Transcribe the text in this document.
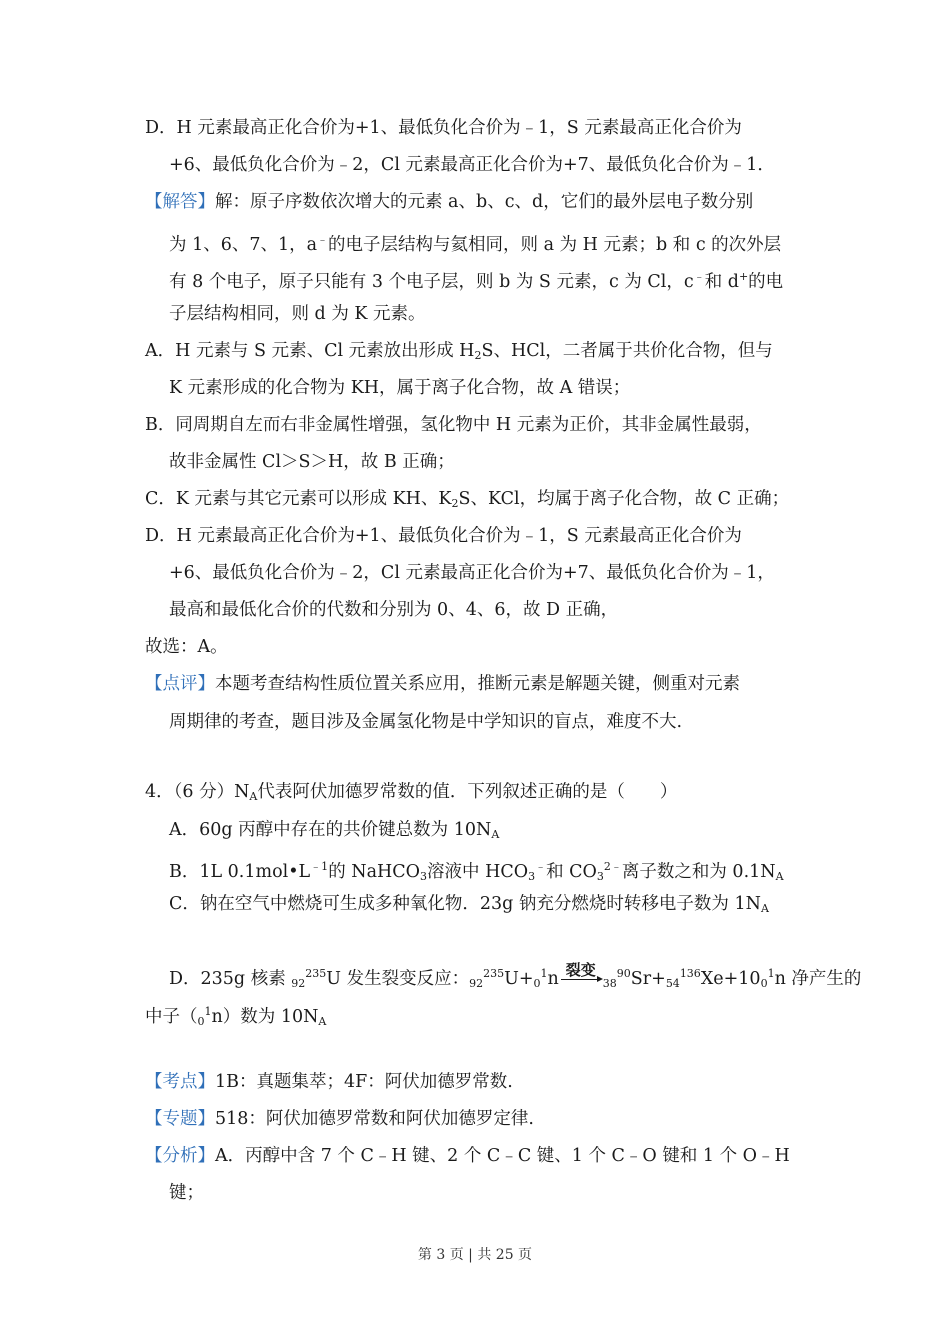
D．H 元素最高正化合价为+1、最低负化合价为﹣1，S 元素最高正化合价为
+6、最低负化合价为﹣2，Cl 元素最高正化合价为+7、最低负化合价为﹣1．
【解答】解：原子序数依次增大的元素 a、b、c、d，它们的最外层电子数分别
为 1、6、7、1，a﹣的电子层结构与氦相同，则 a 为 H 元素；b 和 c 的次外层
有 8 个电子，原子只能有 3 个电子层，则 b 为 S 元素，c 为 Cl，c﹣和 d+的电
子层结构相同，则 d 为 K 元素。
A．H 元素与 S 元素、Cl 元素放出形成 $H_2S$、HCl，二者属于共价化合物，但与
K 元素形成的化合物为 KH，属于离子化合物，故 A 错误；
B．同周期自左而右非金属性增强，氢化物中 H 元素为正价，其非金属性最弱，
故非金属性 Cl＞S＞H，故 B 正确；
C．K 元素与其它元素可以形成 KH、$K_2S$、KCl，均属于离子化合物，故 C 正确；
D．H 元素最高正化合价为+1、最低负化合价为﹣1，S 元素最高正化合价为
+6、最低负化合价为﹣2，Cl 元素最高正化合价为+7、最低负化合价为﹣1，
最高和最低化合价的代数和分别为 0、4、6，故 D 正确，
故选：A。
【点评】本题考查结构性质位置关系应用，推断元素是解题关键，侧重对元素
周期律的考查，题目涉及金属氢化物是中学知识的盲点，难度不大.
4．（6 分）$N_A$代表阿伏加德罗常数的值．下列叙述正确的是（　　）
A．60g 丙醇中存在的共价键总数为 $10N_A$
B．1L $0.1mol•L^{﹣1}$的 NaHCO$_3$溶液中 $HCO_3^﹣$和 $CO_3^{2﹣}$离子数之和为 $0.1N_A$
C．钠在空气中燃烧可生成多种氧化物．23g 钠充分燃烧时转移电子数为 $1N_A$
D．235g 核素 $_{92}^{235}$U 发生裂变反应：$_{92}^{235}U+_0^1n$ 裂变
$_{38}^{90}Sr+_{54}^{136}Xe+10_0^1n$ 净产生的
中子$(_0^1n)$数为 $10N_A$
【考点】1B：真题集萃；4F：阿伏加德罗常数.
【专题】518：阿伏加德罗常数和阿伏加德罗定律.
【分析】A．丙醇中含 7 个 C﹣H 键、2 个 C﹣C 键、1 个 C﹣O 键和 1 个 O﹣H
键；
第 3 页 | 共 25 页
